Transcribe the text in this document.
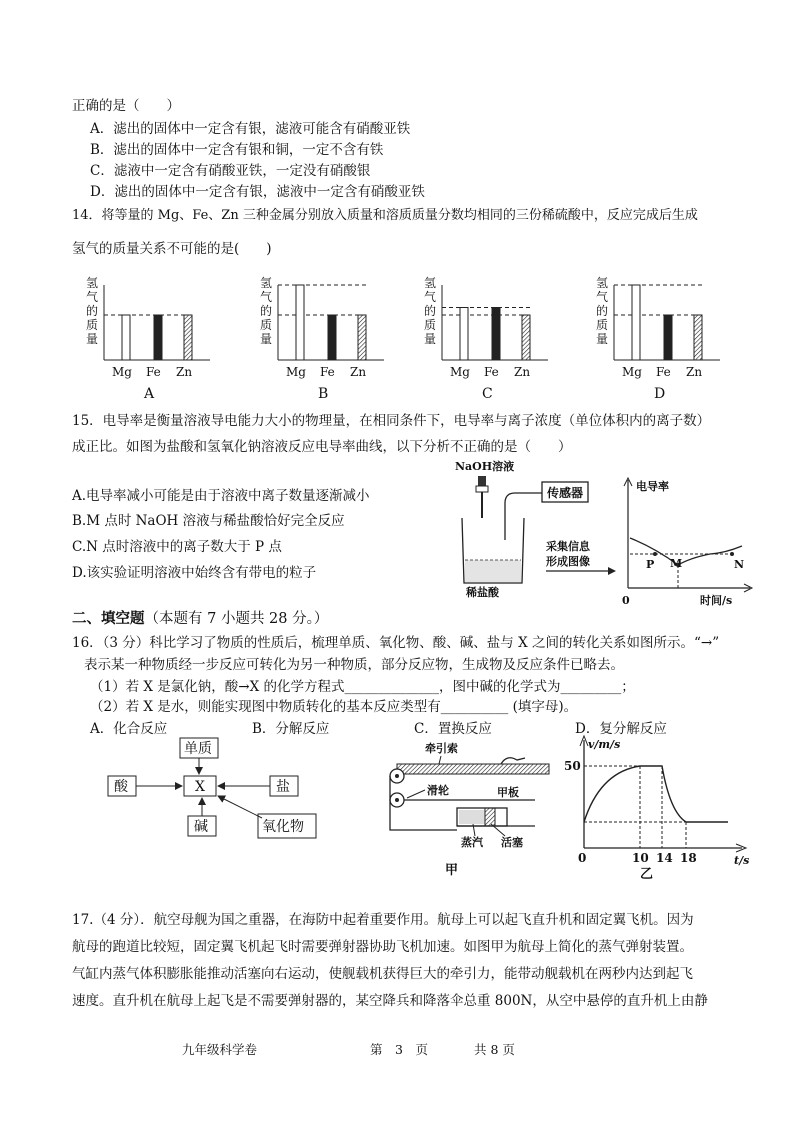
正确的是（　　）
A．滤出的固体中一定含有银，滤液可能含有硝酸亚铁
B．滤出的固体中一定含有银和铜，一定不含有铁
C．滤液中一定含有硝酸亚铁，一定没有硝酸银
D．滤出的固体中一定含有银，滤液中一定含有硝酸亚铁
14．将等量的 Mg、Fe、Zn 三种金属分别放入质量和溶质质量分数均相同的三份稀硫酸中，反应完成后生成
氢气的质量关系不可能的是(　　)
氢
气
的
质
量
Mg Fe Zn
A
氢
气
的
质
量
Mg Fe Zn
B
氢
气
的
质
量
Mg Fe Zn
C
氢
气
的
质
量
Mg Fe Zn
D
15．电导率是衡量溶液导电能力大小的物理量，在相同条件下，电导率与离子浓度（单位体积内的离子数）
成正比。如图为盐酸和氢氧化钠溶液反应电导率曲线，以下分析不正确的是（　　）
A.电导率减小可能是由于溶液中离子数量逐渐减小
B.M 点时 NaOH 溶液与稀盐酸恰好完全反应
C.N 点时溶液中的离子数大于 P 点
D.该实验证明溶液中始终含有带电的粒子
NaOH溶液
传感器
稀盐酸
采集信息
形成图像
电导率
时间/s
0
P M	N
二、填空题（本题有 7 小题共 28 分。）
16．（3 分）科比学习了物质的性质后，梳理单质、氧化物、酸、碱、盐与 X 之间的转化关系如图所示。“→”
表示某一种物质经一步反应可转化为另一种物质，部分反应物，生成物及反应条件已略去。
（1）若 X 是氯化钠，酸→X 的化学方程式______________，图中碱的化学式为_________；
（2）若 X 是水，则能实现图中物质转化的基本反应类型有__________ (填字母)。
A．化合反应	B．分解反应	C．置换反应	D．复分解反应
单质
酸	X	盐
碱	氧化物
牵引索
滑轮	甲板
蒸汽 活塞
甲
v/m/s
t/s
50
0	10 14 18
乙
17.（4 分）．航空母舰为国之重器，在海防中起着重要作用。航母上可以起飞直升机和固定翼飞机。因为
航母的跑道比较短，固定翼飞机起飞时需要弹射器协助飞机加速。如图甲为航母上简化的蒸气弹射装置。
气缸内蒸气体积膨胀能推动活塞向右运动，使舰载机获得巨大的牵引力，能带动舰载机在两秒内达到起飞
速度。直升机在航母上起飞是不需要弹射器的，某空降兵和降落伞总重 800N，从空中悬停的直升机上由静
九年级科学卷	第　3　页	共 8 页
